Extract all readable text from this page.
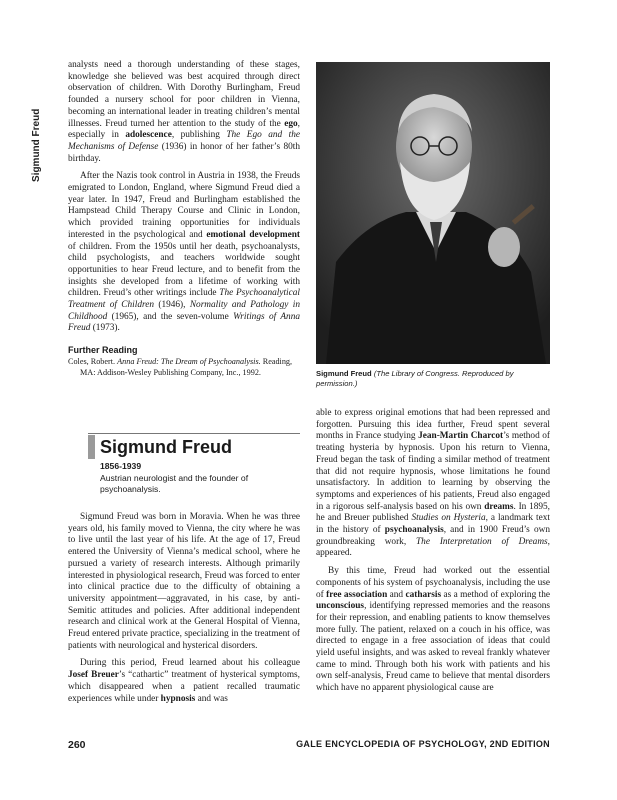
Sigmund Freud

analysts need a thorough understanding of these stages, knowledge she believed was best acquired through direct observation of children. With Dorothy Burlingham, Freud founded a nursery school for poor children in Vienna, becoming an international leader in treating children’s mental illnesses. Freud turned her attention to the study of the ego, especially in adolescence, publishing The Ego and the Mechanisms of Defense (1936) in honor of her father’s 80th birthday.

After the Nazis took control in Austria in 1938, the Freuds emigrated to London, England, where Sigmund Freud died a year later. In 1947, Freud and Burlingham established the Hampstead Child Therapy Course and Clinic in London, which provided training opportunities for individuals interested in the psychological and emotional development of children. From the 1950s until her death, psychoanalysts, child psychologists, and teachers worldwide sought opportunities to hear Freud lecture, and to benefit from the insights she developed from a lifetime of working with children. Freud’s other writings include The Psychoanalytical Treatment of Children (1946), Normality and Pathology in Childhood (1965), and the seven-volume Writings of Anna Freud (1973).

Further Reading
Coles, Robert. Anna Freud: The Dream of Psychoanalysis. Reading, MA: Addison-Wesley Publishing Company, Inc., 1992.	Sigmund Freud (The Library of Congress. Reproduced by permission.)
Sigmund Freud
1856-1939
Austrian neurologist and the founder of psychoanalysis.

Sigmund Freud was born in Moravia. When he was three years old, his family moved to Vienna, the city where he was to live until the last year of his life. At the age of 17, Freud entered the University of Vienna’s medical school, where he pursued a variety of research interests. Although primarily interested in physiological research, Freud was forced to enter into clinical practice due to the difficulty of obtaining a university appointment—aggravated, in his case, by anti-Semitic attitudes and policies. After additional independent research and clinical work at the General Hospital of Vienna, Freud entered private practice, specializing in the treatment of patients with neurological and hysterical disorders.

During this period, Freud learned about his colleague Josef Breuer’s “cathartic” treatment of hysterical symptoms, which disappeared when a patient recalled traumatic experiences while under hypnosis and was

able to express original emotions that had been repressed and forgotten. Pursuing this idea further, Freud spent several months in France studying Jean-Martin Charcot’s method of treating hysteria by hypnosis. Upon his return to Vienna, Freud began the task of finding a similar method of treatment that did not require hypnosis, whose limitations he found unsatisfactory. In addition to learning by observing the symptoms and experiences of his patients, Freud also engaged in a rigorous self-analysis based on his own dreams. In 1895, he and Breuer published Studies on Hysteria, a landmark text in the history of psychoanalysis, and in 1900 Freud’s own groundbreaking work, The Interpretation of Dreams, appeared.

By this time, Freud had worked out the essential components of his system of psychoanalysis, including the use of free association and catharsis as a method of exploring the unconscious, identifying repressed memories and the reasons for their repression, and enabling patients to know themselves more fully. The patient, relaxed on a couch in his office, was directed to engage in a free association of ideas that could yield useful insights, and was asked to reveal frankly whatever came to mind. Through both his work with patients and his own self-analysis, Freud came to believe that mental disorders which have no apparent physiological cause are

260	GALE ENCYCLOPEDIA OF PSYCHOLOGY, 2ND EDITION
